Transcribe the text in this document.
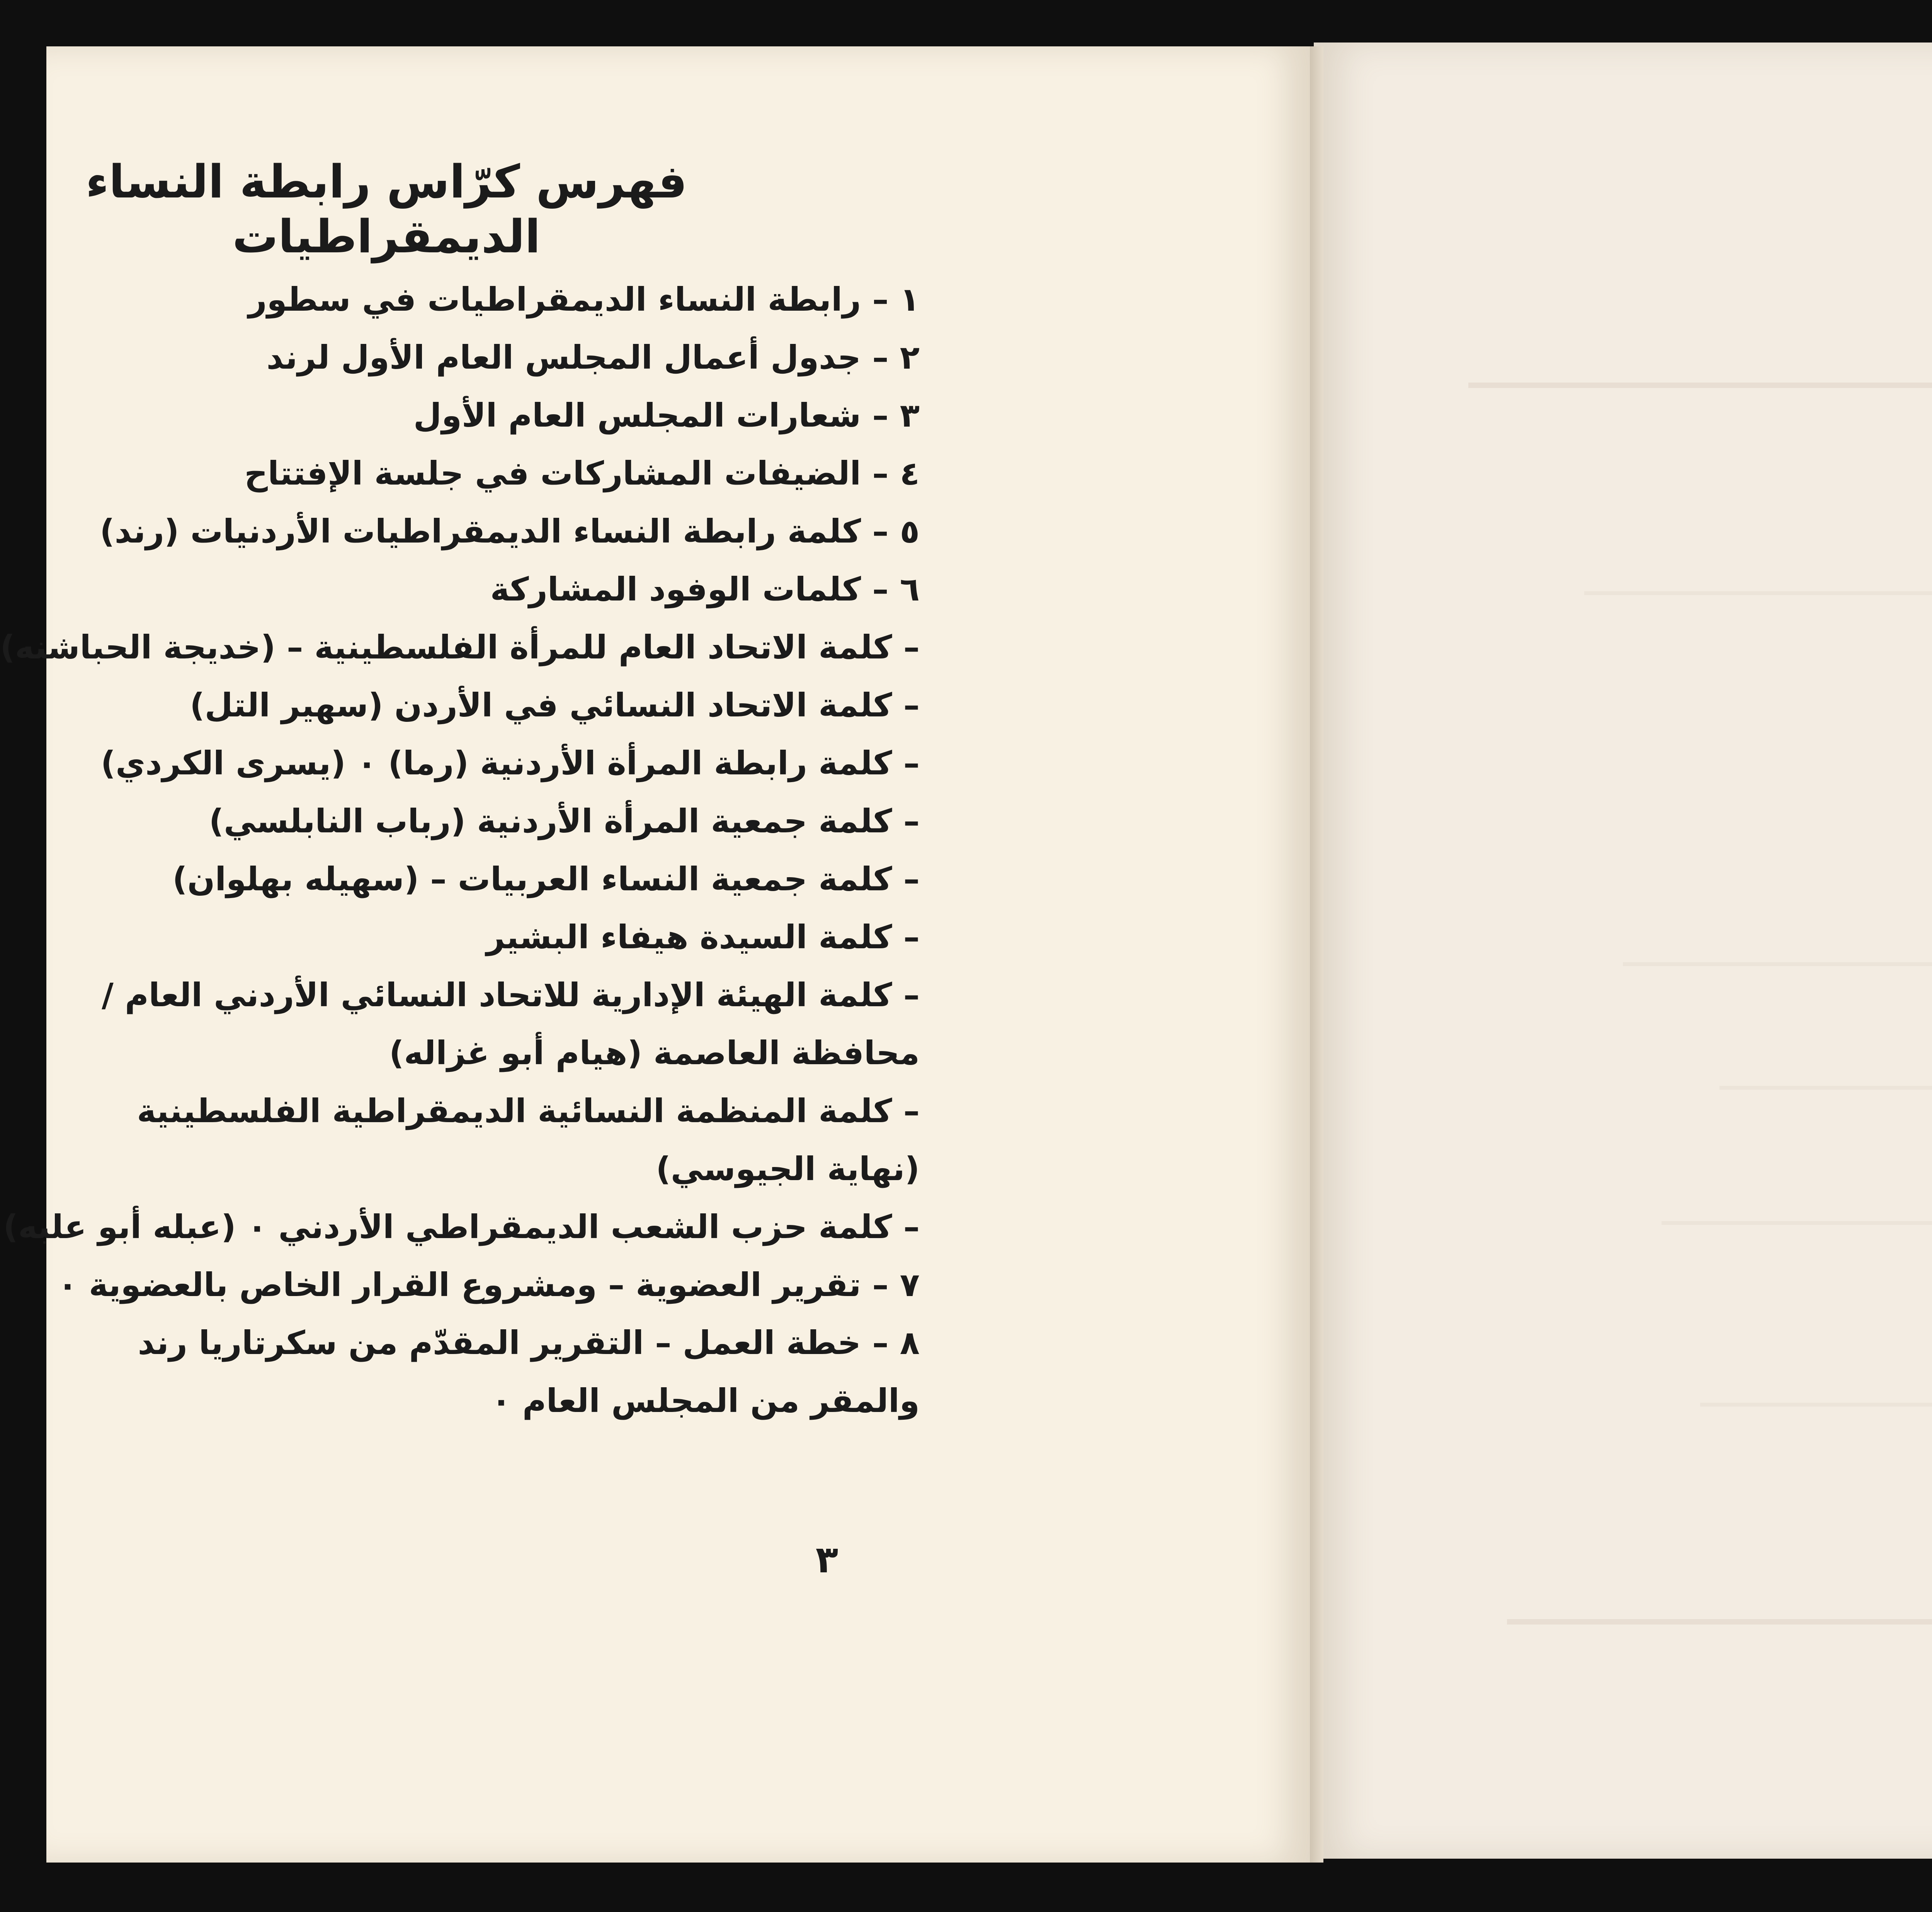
فهرس كرّاس رابطة النساء الديمقراطيات
١ – رابطة النساء الديمقراطيات في سطور
٢ – جدول أعمال المجلس العام الأول لرند
٣ – شعارات المجلس العام الأول
٤ – الضيفات المشاركات في جلسة الإفتتاح
٥ – كلمة رابطة النساء الديمقراطيات الأردنيات (رند)
٦ – كلمات الوفود المشاركة
– كلمة الاتحاد العام للمرأة الفلسطينية – (خديجة الحباشنه)
– كلمة الاتحاد النسائي في الأردن (سهير التل)
– كلمة رابطة المرأة الأردنية (رما) ٠ (يسرى الكردي)
– كلمة جمعية المرأة الأردنية (رباب النابلسي)
– كلمة جمعية النساء العربيات – (سهيله بهلوان)
– كلمة السيدة هيفاء البشير
– كلمة الهيئة الإدارية للاتحاد النسائي الأردني العام / محافظة العاصمة (هيام أبو غزاله)
– كلمة المنظمة النسائية الديمقراطية الفلسطينية (نهاية الجيوسي)
– كلمة حزب الشعب الديمقراطي الأردني ٠ (عبله أبو علبه)
٧ – تقرير العضوية – ومشروع القرار الخاص بالعضوية ٠
٨ – خطة العمل – التقرير المقدّم من سكرتاريا رند والمقر من المجلس العام ٠
٣
